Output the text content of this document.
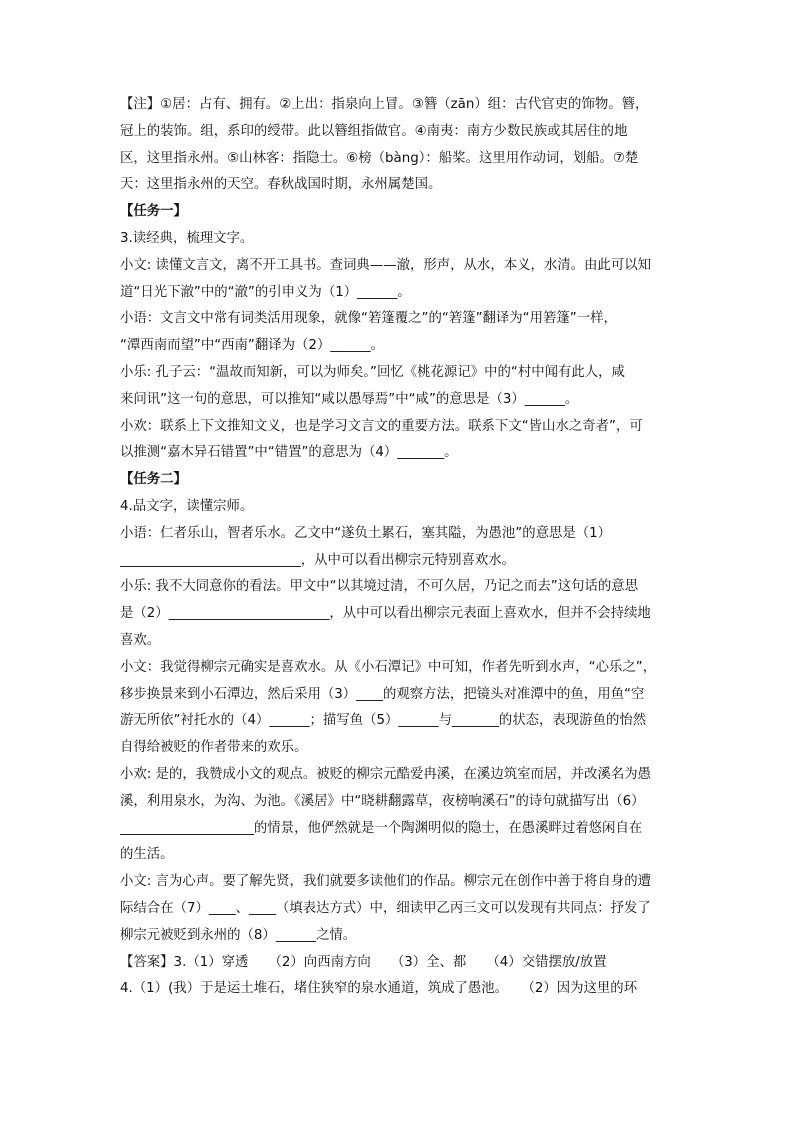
【注】①居：占有、拥有。②上出：指泉向上冒。③簪（zān）组：古代官吏的饰物。簪，
冠上的装饰。组，系印的绶带。此以簪组指做官。④南夷：南方少数民族或其居住的地
区，这里指永州。⑤山林客：指隐士。⑥榜（bàng）：船桨。这里用作动词，划船。⑦楚
天：这里指永州的天空。春秋战国时期，永州属楚国。
【任务一】
3.读经典，梳理文字。
小文: 读懂文言文，离不开工具书。查词典——澈，形声，从水，本义，水清。由此可以知
道“日光下澈”中的“澈”的引申义为（1）______。
小语：文言文中常有词类活用现象，就像“箬篷覆之”的“箬篷”翻译为“用箬篷”一样，
“潭西南而望”中“西南”翻译为（2）______。
小乐: 孔子云：“温故而知新，可以为师矣。”回忆《桃花源记》中的“村中闻有此人，咸
来问讯”这一句的意思，可以推知“咸以愚辱焉”中“咸”的意思是（3）______。
小欢：联系上下文推知文义，也是学习文言文的重要方法。联系下文“皆山水之奇者”，可
以推测“嘉木异石错置”中“错置”的意思为（4）_______。
【任务二】
4.品文字，读懂宗师。
小语：仁者乐山，智者乐水。乙文中“遂负土累石，塞其隘，为愚池”的意思是（1）
___________________________，从中可以看出柳宗元特别喜欢水。
小乐: 我不大同意你的看法。甲文中“以其境过清，不可久居，乃记之而去”这句话的意思
是（2）________________________，从中可以看出柳宗元表面上喜欢水，但并不会持续地
喜欢。
小文：我觉得柳宗元确实是喜欢水。从《小石潭记》中可知，作者先听到水声，“心乐之”，
移步换景来到小石潭边，然后采用（3）____的观察方法，把镜头对准潭中的鱼，用鱼“空
游无所依”衬托水的（4）______；描写鱼（5）______与_______的状态，表现游鱼的怡然
自得给被贬的作者带来的欢乐。
小欢: 是的，我赞成小文的观点。被贬的柳宗元酷爱冉溪，在溪边筑室而居，并改溪名为愚
溪，利用泉水，为沟、为池。《溪居》中“晓耕翻露草，夜榜响溪石”的诗句就描写出（6）
____________________的情景，他俨然就是一个陶渊明似的隐士，在愚溪畔过着悠闲自在
的生活。
小文: 言为心声。要了解先贤，我们就要多读他们的作品。柳宗元在创作中善于将自身的遭
际结合在（7）____、____（填表达方式）中，细读甲乙丙三文可以发现有共同点：抒发了
柳宗元被贬到永州的（8）______之情。
【答案】3.（1）穿透　　（2）向西南方向　　（3）全、都　　（4）交错摆放/放置
4.（1）(我）于是运土堆石，堵住狭窄的泉水通道，筑成了愚池。　　（2）因为这里的环
